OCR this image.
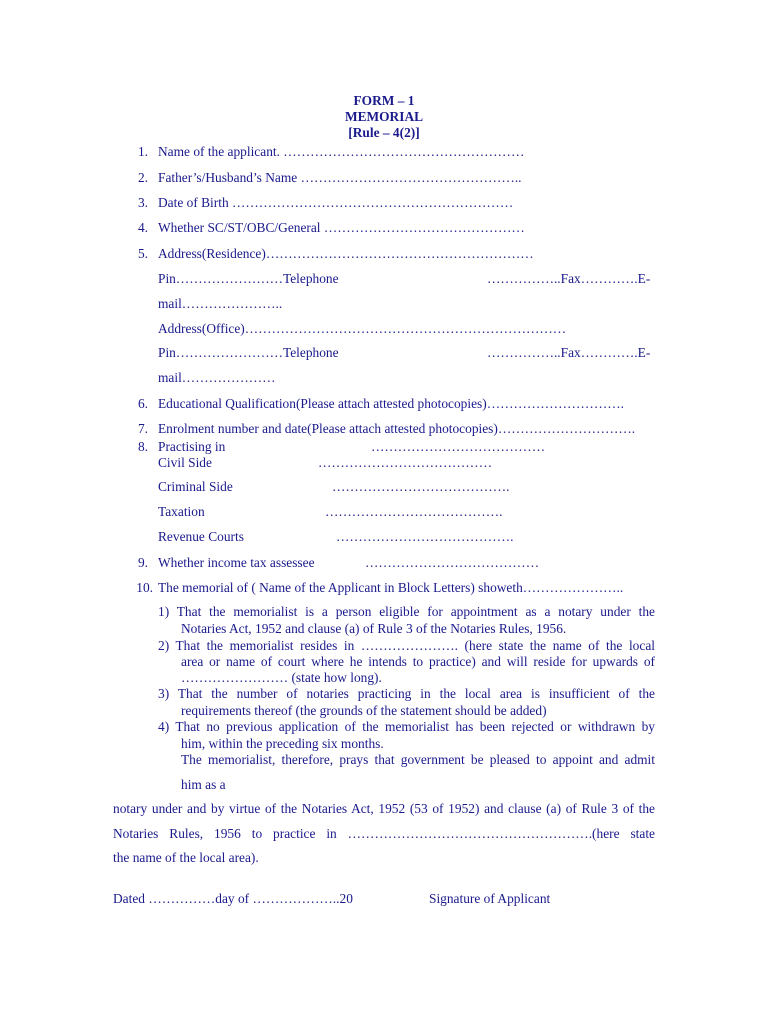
FORM – 1
MEMORIAL
[Rule – 4(2)]
1. Name of the applicant. ………………………………………………
2. Father’s/Husband’s Name …………………………………………..
3. Date of Birth ………………………………………………………
4. Whether SC/ST/OBC/General ………………………………………
5. Address(Residence)……………………………………………………
Pin……………………Telephone	……………..Fax………….E-
mail…………………..
Address(Office)………………………………………………………………
Pin……………………Telephone	……………..Fax………….E-
mail…………………
6. Educational Qualification(Please attach attested photocopies)………………………….
7. Enrolment number and date(Please attach attested photocopies)………………………….
8. Practising in	…………………………………
Civil Side	…………………………………
Criminal Side	………………………………….
Taxation	………………………………….
Revenue Courts	………………………………….
9. Whether income tax assessee	…………………………………
10. The memorial of ( Name of the Applicant in Block Letters) showeth…………………..
1) That the memorialist is a person eligible for appointment as a notary under the
Notaries Act, 1952 and clause (a) of Rule 3 of the Notaries Rules, 1956.
2) That the memorialist resides in …………………. (here state the name of the local
area or name of court where he intends to practice) and will reside for upwards of
…………………… (state how long).
3) That the number of notaries practicing in the local area is insufficient of the
requirements thereof (the grounds of the statement should be added)
4) That no previous application of the memorialist has been rejected or withdrawn by
him, within the preceding six months.
The memorialist, therefore, prays that government be pleased to appoint and admit
him as a
notary under and by virtue of the Notaries Act, 1952 (53 of 1952) and clause (a) of Rule 3 of the
Notaries Rules, 1956 to practice in ……………………………………………….(here state
the name of the local area).
Dated ……………day of ………………..20	Signature of Applicant
